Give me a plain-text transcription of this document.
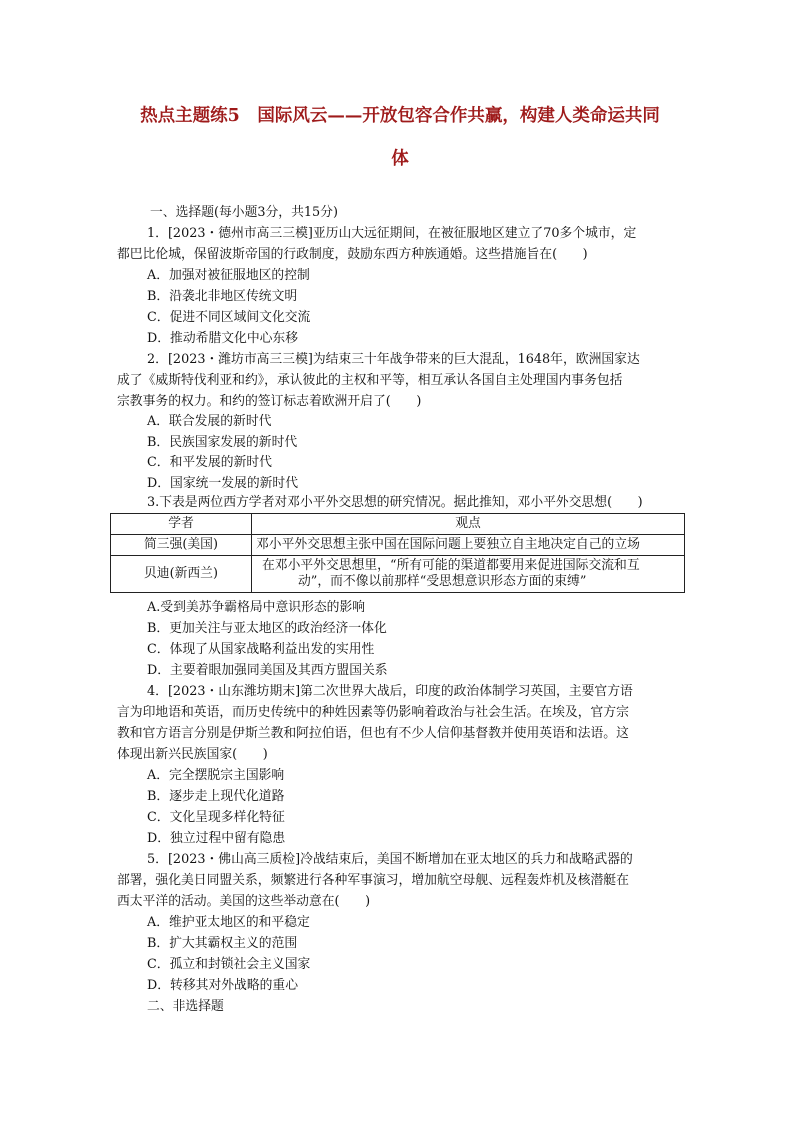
热点主题练5　国际风云——开放包容合作共赢，构建人类命运共同
体
一、选择题(每小题3分，共15分)
1．[2023・德州市高三三模]亚历山大远征期间，在被征服地区建立了70多个城市，定
都巴比伦城，保留波斯帝国的行政制度，鼓励东西方种族通婚。这些措施旨在(　　)
A．加强对被征服地区的控制
B．沿袭北非地区传统文明
C．促进不同区域间文化交流
D．推动希腊文化中心东移
2．[2023・潍坊市高三三模]为结束三十年战争带来的巨大混乱，1648年，欧洲国家达
成了《威斯特伐利亚和约》，承认彼此的主权和平等，相互承认各国自主处理国内事务包括
宗教事务的权力。和约的签订标志着欧洲开启了(　　)
A．联合发展的新时代
B．民族国家发展的新时代
C．和平发展的新时代
D．国家统一发展的新时代
3.下表是两位西方学者对邓小平外交思想的研究情况。据此推知，邓小平外交思想(　　)
学者	观点
简三强(美国)	邓小平外交思想主张中国在国际问题上要独立自主地决定自己的立场
贝迪(新西兰)	在邓小平外交思想里，“所有可能的渠道都要用来促进国际交流和互
动”，而不像以前那样“受思想意识形态方面的束缚”
A.受到美苏争霸格局中意识形态的影响
B．更加关注与亚太地区的政治经济一体化
C．体现了从国家战略利益出发的实用性
D．主要着眼加强同美国及其西方盟国关系
4．[2023・山东潍坊期末]第二次世界大战后，印度的政治体制学习英国，主要官方语
言为印地语和英语，而历史传统中的种姓因素等仍影响着政治与社会生活。在埃及，官方宗
教和官方语言分别是伊斯兰教和阿拉伯语，但也有不少人信仰基督教并使用英语和法语。这
体现出新兴民族国家(　　)
A．完全摆脱宗主国影响
B．逐步走上现代化道路
C．文化呈现多样化特征
D．独立过程中留有隐患
5．[2023・佛山高三质检]冷战结束后，美国不断增加在亚太地区的兵力和战略武器的
部署，强化美日同盟关系，频繁进行各种军事演习，增加航空母舰、远程轰炸机及核潜艇在
西太平洋的活动。美国的这些举动意在(　　)
A．维护亚太地区的和平稳定
B．扩大其霸权主义的范围
C．孤立和封锁社会主义国家
D．转移其对外战略的重心
二、非选择题
